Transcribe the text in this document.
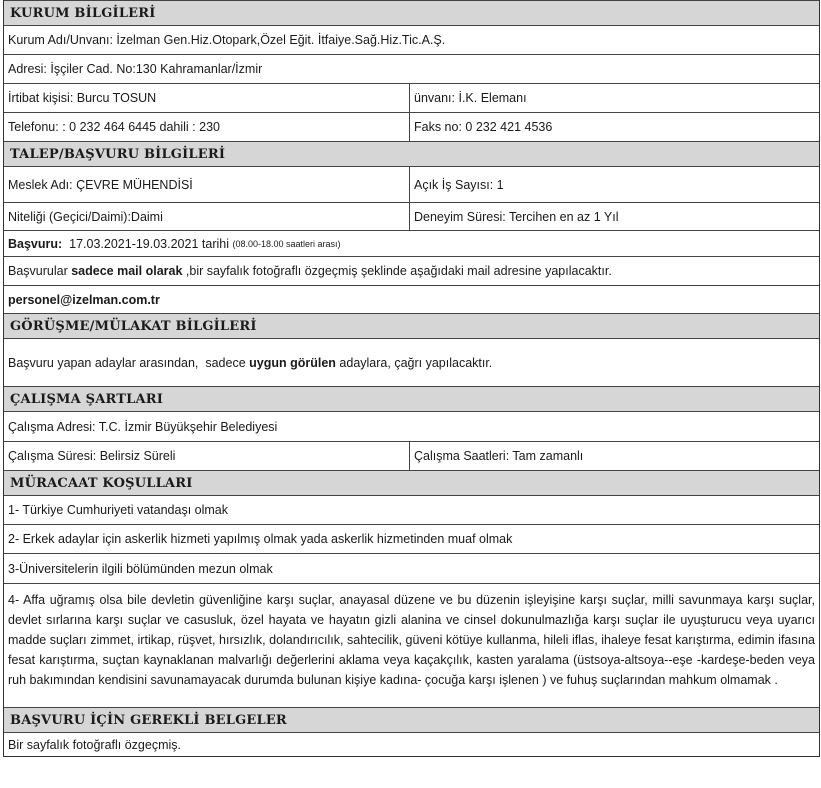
KURUM BİLGİLERİ
Kurum Adı/Unvanı: İzelman Gen.Hiz.Otopark,Özel Eğit. İtfaiye.Sağ.Hiz.Tic.A.Ş.
Adresi: İşçiler Cad. No:130 Kahramanlar/İzmir
İrtibat kişisi: Burcu TOSUN	ünvanı: İ.K. Elemanı
Telefonu: : 0 232 464 6445 dahili : 230	Faks no: 0 232 421 4536
TALEP/BAŞVURU BİLGİLERİ
Meslek Adı: ÇEVRE MÜHENDİSİ	Açık İş Sayısı: 1
Niteliği (Geçici/Daimi):Daimi	Deneyim Süresi: Tercihen en az 1 Yıl
Başvuru: 17.03.2021-19.03.2021 tarihi (08.00-18.00 saatleri arası)
Başvurular sadece mail olarak ,bir sayfalık fotoğraflı özgeçmiş şeklinde aşağıdaki mail adresine yapılacaktır.
personel@izelman.com.tr
GÖRÜŞME/MÜLAKAT BİLGİLERİ
Başvuru yapan adaylar arasından,  sadece uygun görülen adaylara, çağrı yapılacaktır.
ÇALIŞMA ŞARTLARI
Çalışma Adresi: T.C. İzmir Büyükşehir Belediyesi
Çalışma Süresi: Belirsiz Süreli	Çalışma Saatleri: Tam zamanlı
MÜRACAAT KOŞULLARI
1- Türkiye Cumhuriyeti vatandaşı olmak
2- Erkek adaylar için askerlik hizmeti yapılmış olmak yada askerlik hizmetinden muaf olmak
3-Üniversitelerin ilgili bölümünden mezun olmak
4- Affa uğramış olsa bile devletin güvenliğine karşı suçlar, anayasal düzene ve bu düzenin işleyişine karşı suçlar, milli savunmaya karşı suçlar, devlet sırlarına karşı suçlar ve casusluk, özel hayata ve hayatın gizli alanina ve cinsel dokunulmazlığa karşı suçlar ile uyuşturucu veya uyarıcı madde suçları zimmet, irtikap, rüşvet, hırsızlık, dolandırıcılık, sahtecilik, güveni kötüye kullanma, hileli iflas, ihaleye fesat karıştırma, edimin ifasına fesat karıştırma, suçtan kaynaklanan malvarlığı değerlerini aklama veya kaçakçılık, kasten yaralama (üstsoya-altsoya--eşe -kardeşe-beden veya ruh bakımından kendisini savunamayacak durumda bulunan kişiye kadına- çocuğa karşı işlenen ) ve fuhuş suçlarından mahkum olmamak .
BAŞVURU İÇİN GEREKLİ BELGELER
Bir sayfalık fotoğraflı özgeçmiş.
